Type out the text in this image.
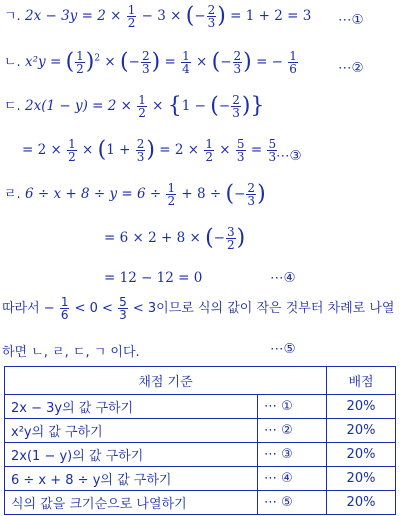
ㄱ. $2x - 3y = 2 \times \frac{1}{2} - 3$ × (− $\frac{2}{3}$ ) = 1 + 2 = 3 ⋯①
ㄴ. x²y = ( $\frac{1}{2} )^2$ × (− $\frac{2}{3}$ ) = $\frac{1}{4}$ × (− $\frac{2}{3}$ ) = − $\frac{1}{6}$	⋯②
ㄷ. $2x(1 - y) = 2 \times \frac{1}{2} \times \{1$ − (− $\frac{2}{3}$ )}
= $2 \times \frac{1}{2} \times (1 + \frac{2}{3}$ ) = $2 \times \frac{1}{2} \times \frac{5}{3} = \frac{5}{3}$
⋯③
ㄹ. $6 \div x + 8 \div y = 6 \div \frac{1}{2} + 8$ ÷ (− $\frac{2}{3}$ )
= 6 × 2 + 8 × (− $\frac{3}{2}$ )
= 12 − 12 = 0	⋯④
따라서 − $\frac{1}{6} < 0 < \frac{5}{3} < 3$이므로 식의 값이 작은 것부터 차례로 나열
하면 ㄴ, ㄹ, ㄷ, ㄱ 이다.	⋯⑤
채점 기준		배점
2x − 3y의 값 구하기	⋯ ①	20%
x²y의 값 구하기	⋯ ②	20%
2x(1 − y)의 값 구하기	⋯ ③	20%
6 ÷ x + 8 ÷ y의 값 구하기	⋯ ④	20%
식의 값을 크기순으로 나열하기	⋯ ⑤	20%
